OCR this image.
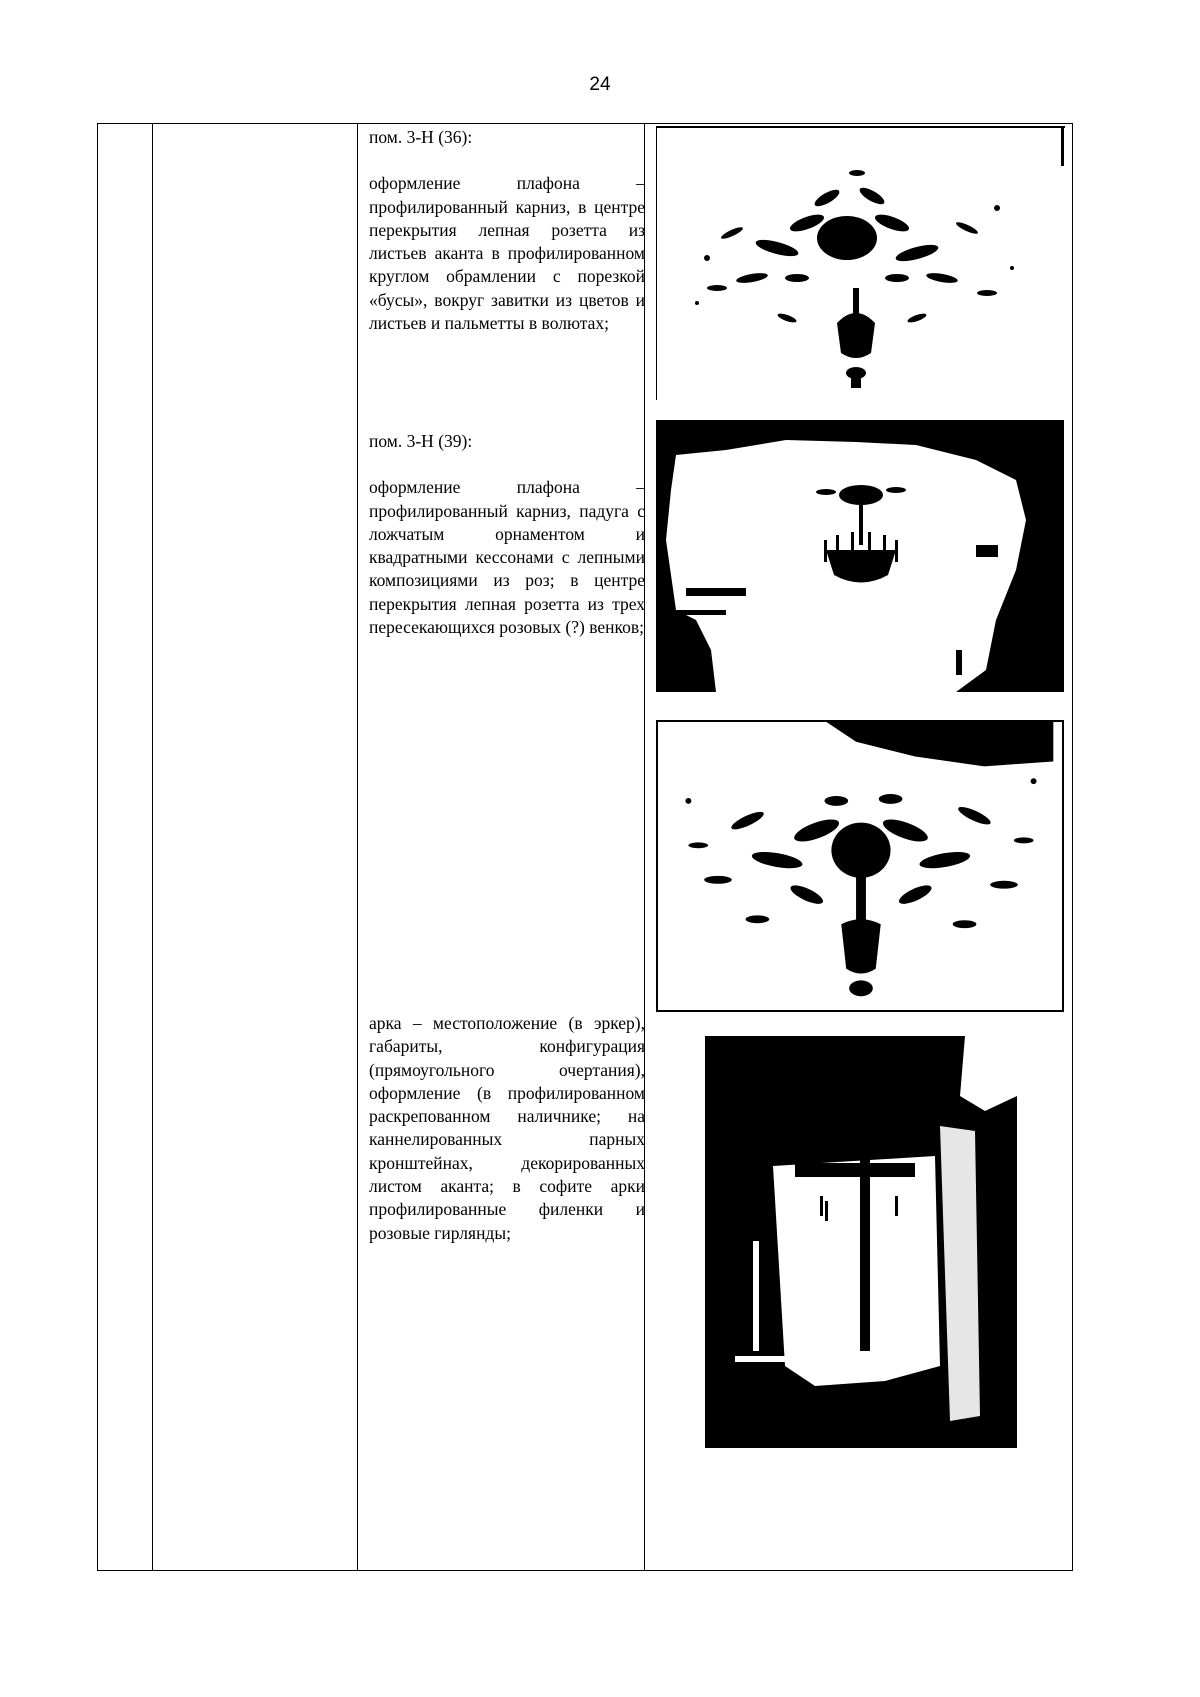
24

пом. 3-Н (36):

оформление плафона – профилированный карниз, в центре перекрытия лепная розетта из листьев аканта в профилированном круглом обрамлении с порезкой «бусы», вокруг завитки из цветов и листьев и пальметты в волютах;

пом. 3-Н (39):

оформление плафона – профилированный карниз, падуга с ложчатым орнаментом и квадратными кессонами с лепными композициями из роз; в центре перекрытия лепная розетта из трех пересекающихся розовых (?) венков;

арка – местоположение (в эркер), габариты, конфигурация (прямоугольного очертания), оформление (в профилированном раскрепованном наличнике; на каннелированных парных кронштейнах, декорированных листом аканта; в софите арки профилированные филенки и розовые гирлянды;
